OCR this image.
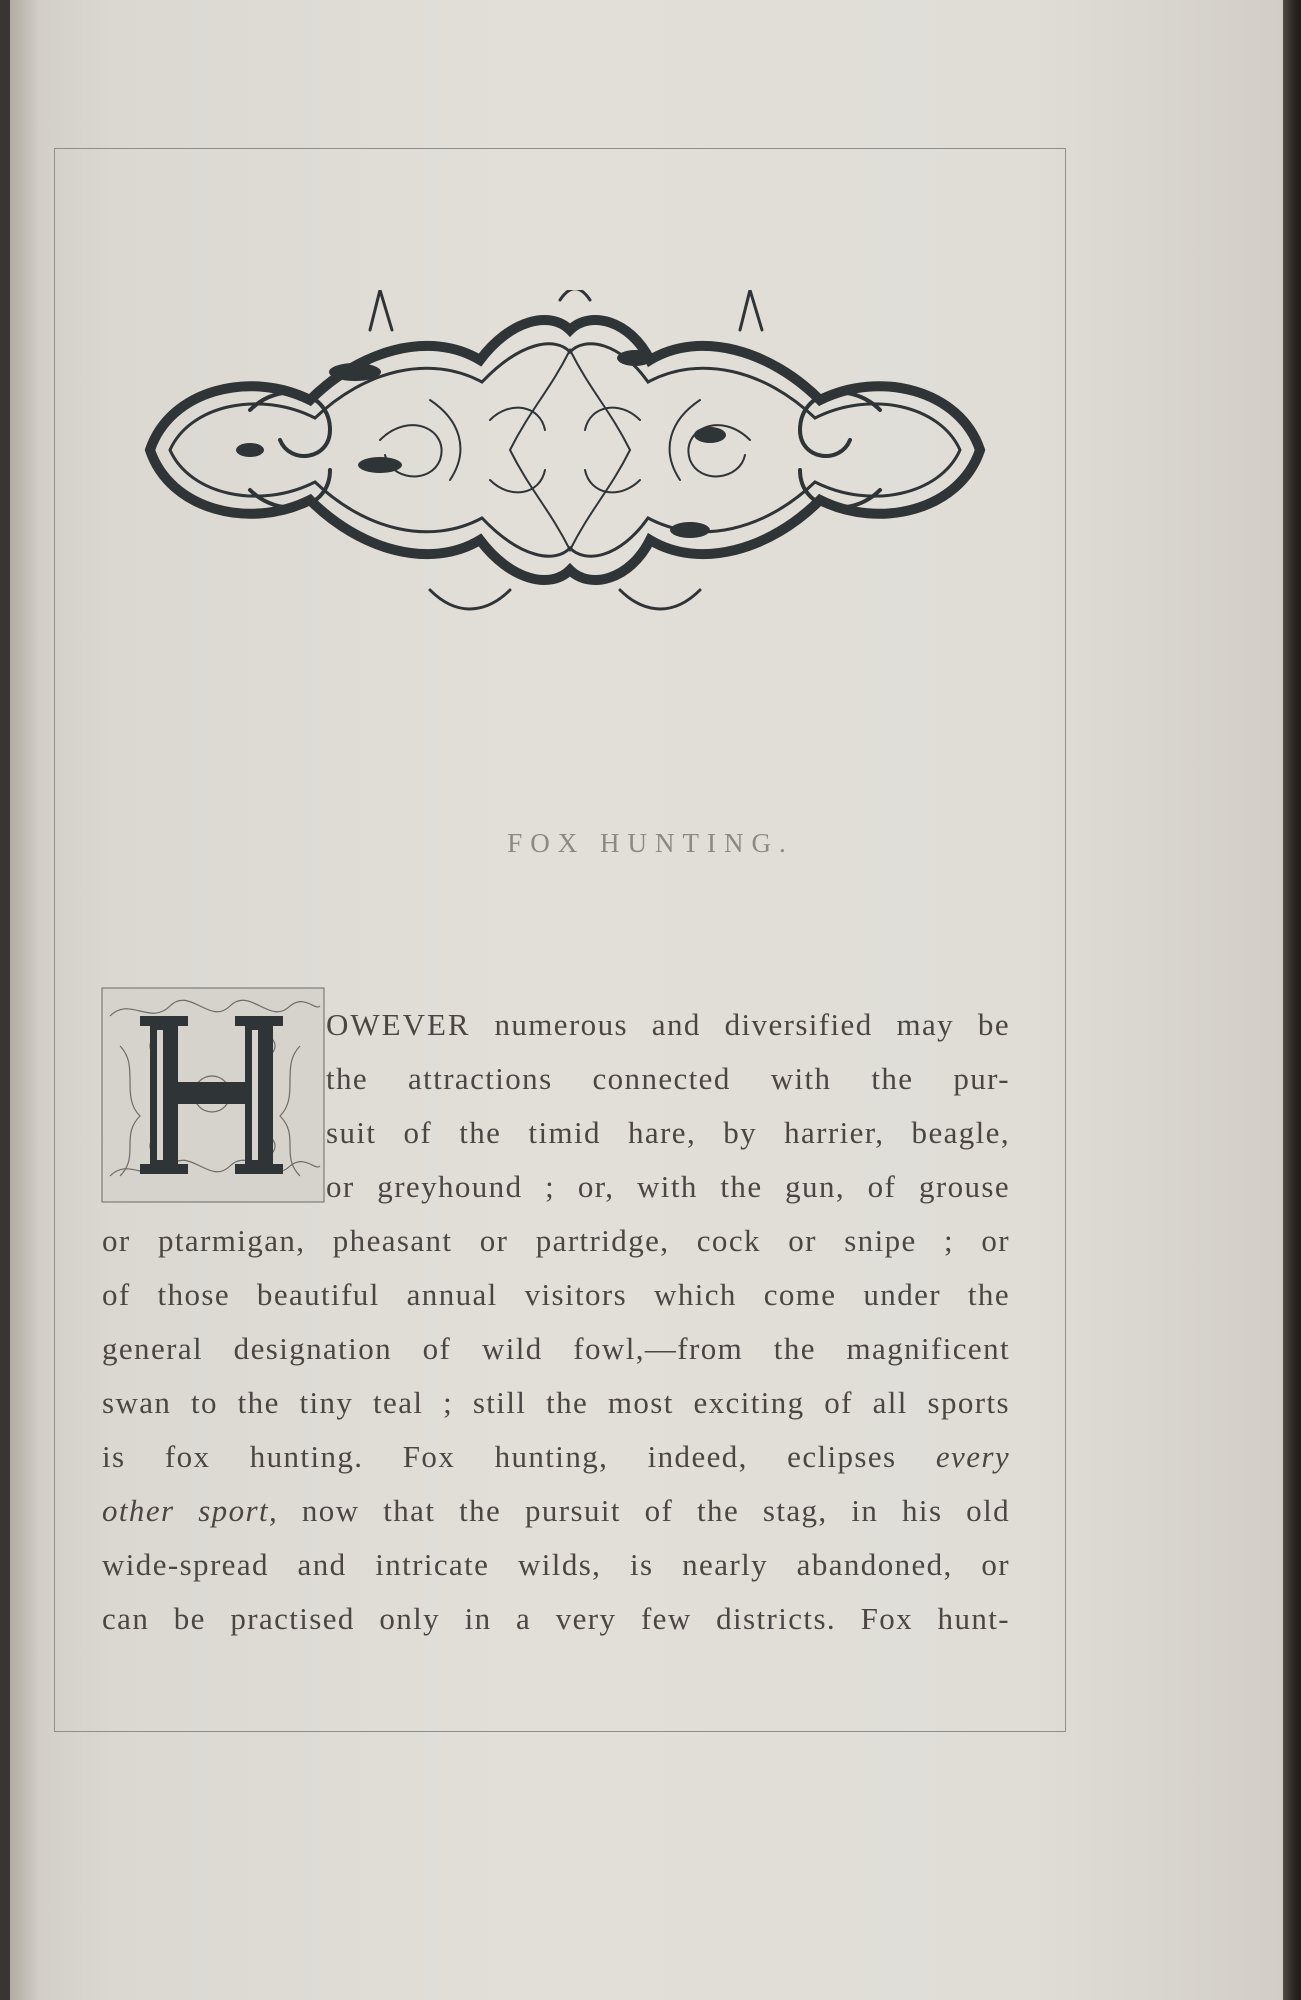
FOX HUNTING.
OWEVER numerous and diversified may be
the attractions connected with the pur-
suit of the timid hare, by harrier, beagle,
or greyhound ; or, with the gun, of grouse
or ptarmigan, pheasant or partridge, cock or snipe ; or
of those beautiful annual visitors which come under the
general designation of wild fowl,—from the magnificent
swan to the tiny teal ; still the most exciting of all sports
is fox hunting. Fox hunting, indeed, eclipses every
other sport, now that the pursuit of the stag, in his old
wide-spread and intricate wilds, is nearly abandoned, or
can be practised only in a very few districts. Fox hunt-
